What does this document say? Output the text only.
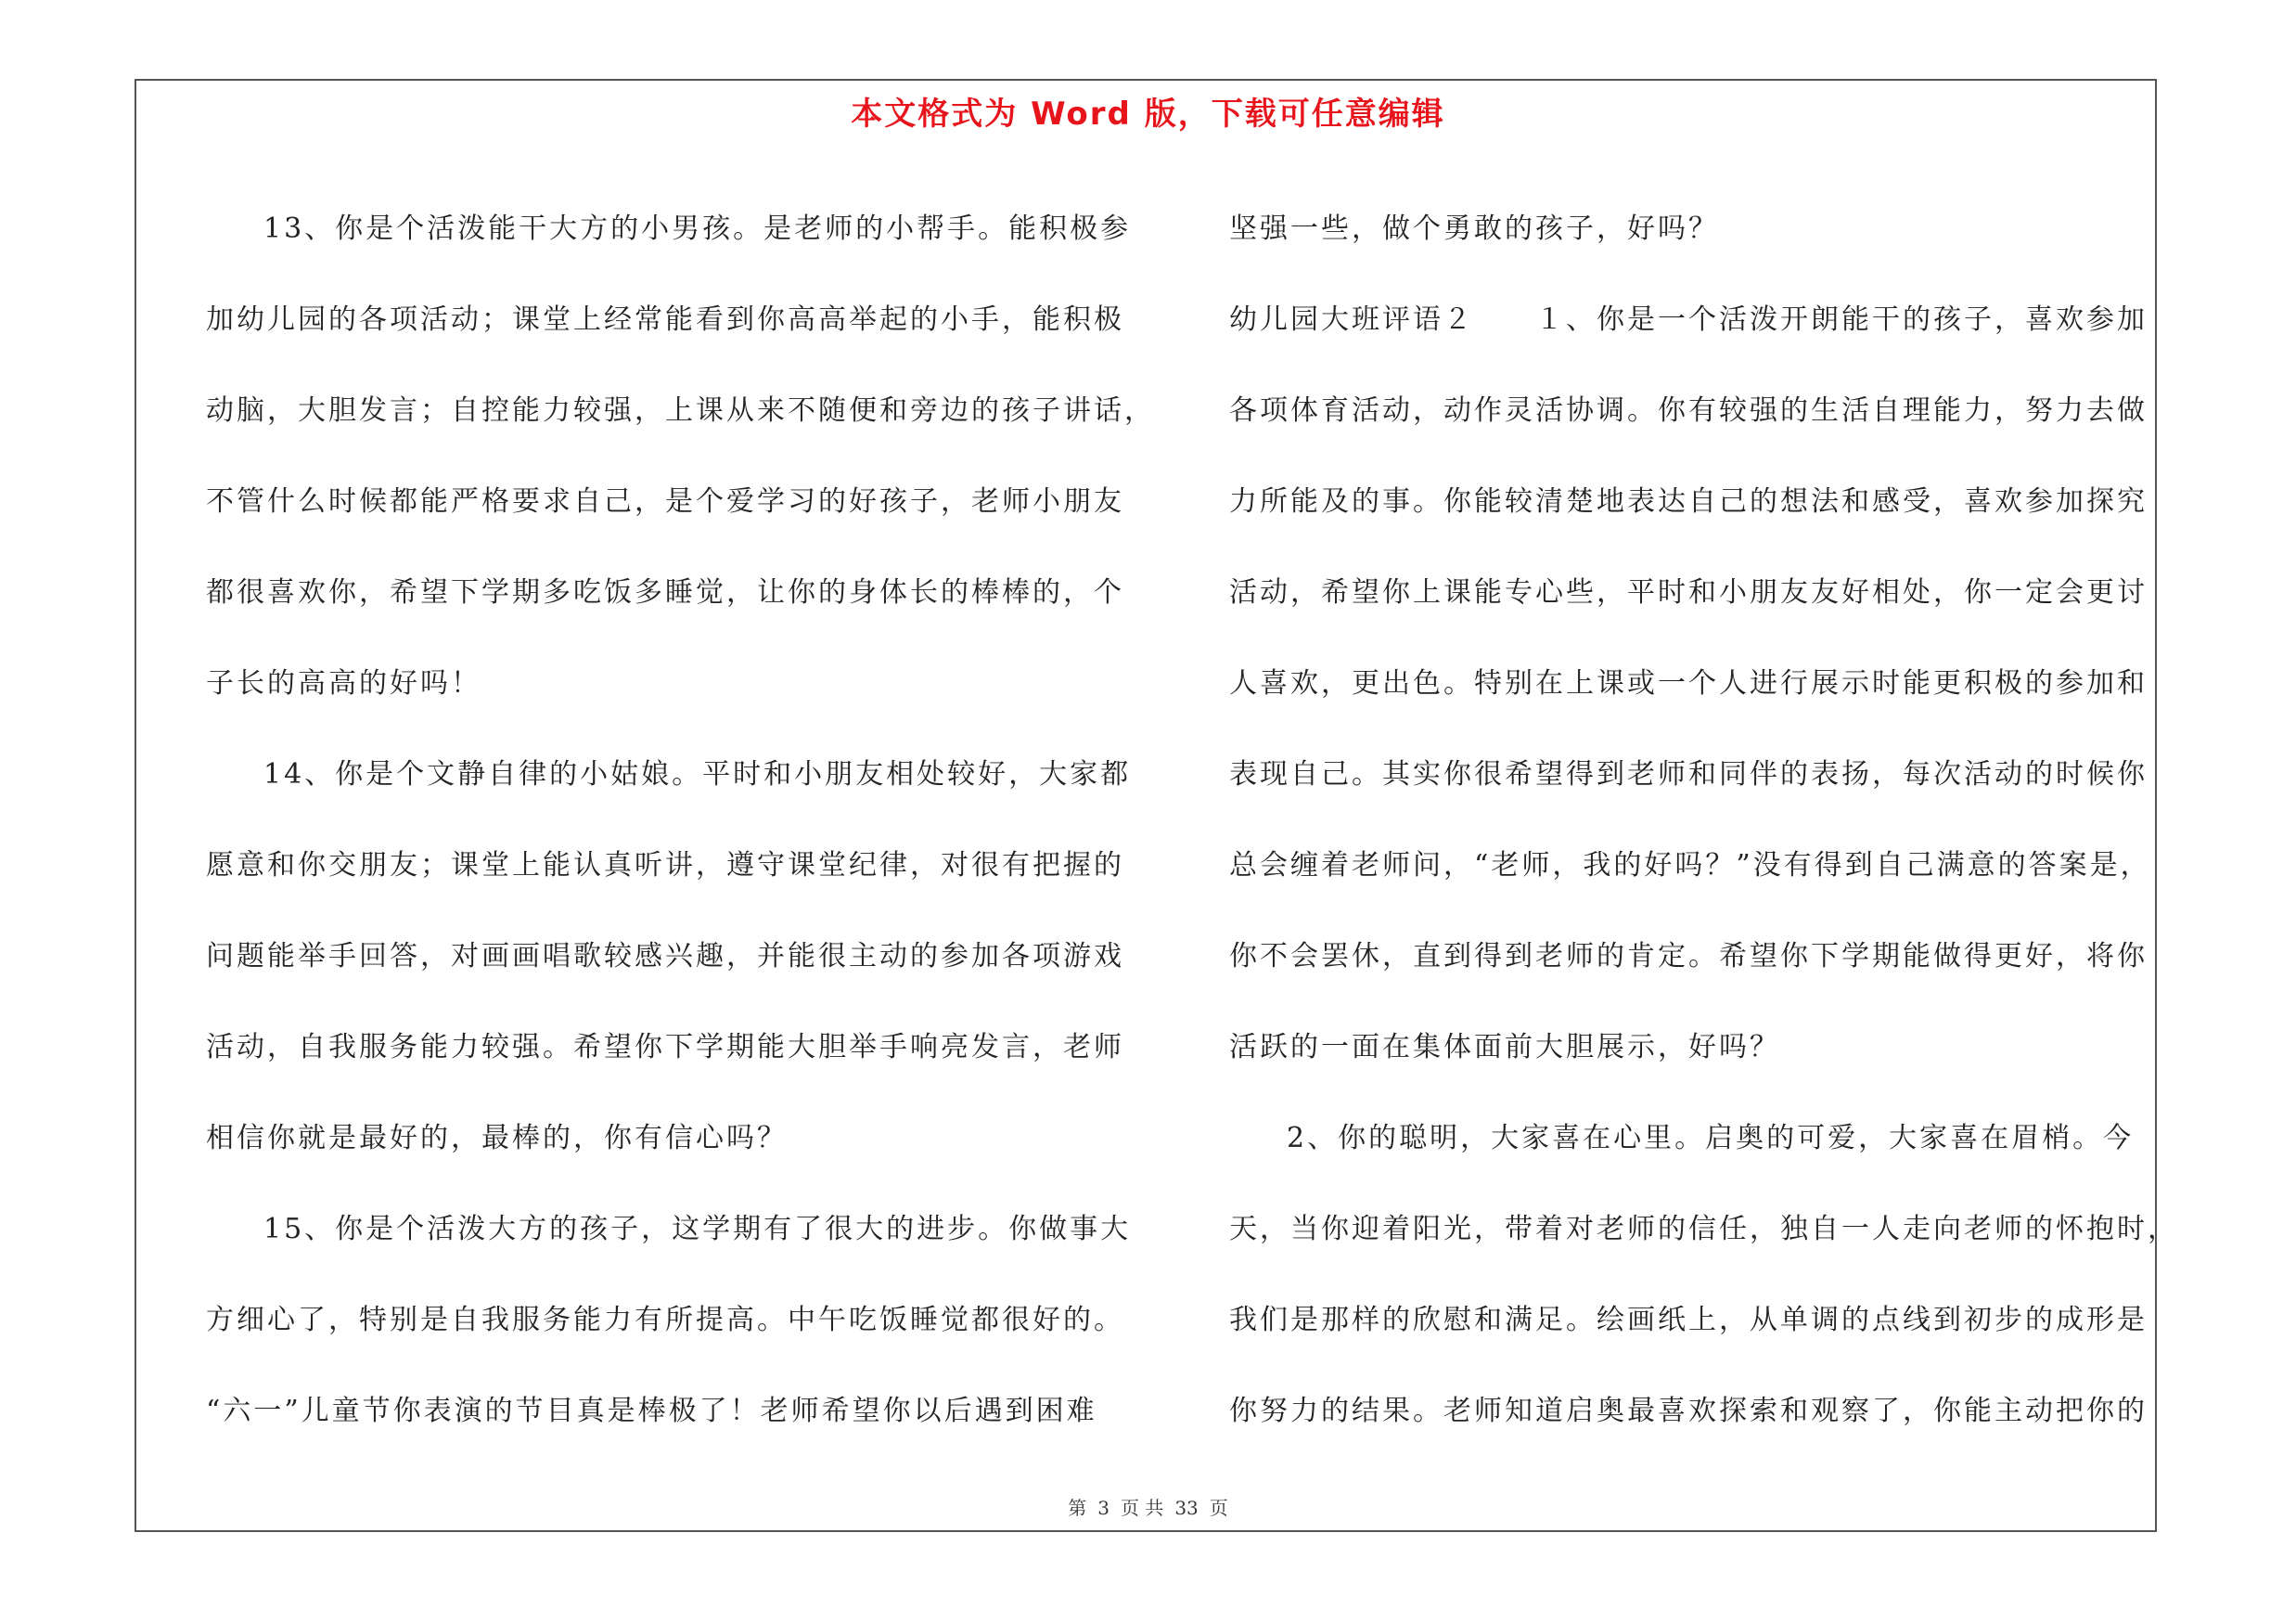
本文格式为 Word 版，下载可任意编辑
13、你是个活泼能干大方的小男孩。是老师的小帮手。能积极参
加幼儿园的各项活动；课堂上经常能看到你高高举起的小手，能积极
动脑，大胆发言；自控能力较强，上课从来不随便和旁边的孩子讲话，
不管什么时候都能严格要求自己，是个爱学习的好孩子，老师小朋友
都很喜欢你，希望下学期多吃饭多睡觉，让你的身体长的棒棒的，个
子长的高高的好吗！
14、你是个文静自律的小姑娘。平时和小朋友相处较好，大家都
愿意和你交朋友；课堂上能认真听讲，遵守课堂纪律，对很有把握的
问题能举手回答，对画画唱歌较感兴趣，并能很主动的参加各项游戏
活动，自我服务能力较强。希望你下学期能大胆举手响亮发言，老师
相信你就是最好的，最棒的，你有信心吗？
15、你是个活泼大方的孩子，这学期有了很大的进步。你做事大
方细心了，特别是自我服务能力有所提高。中午吃饭睡觉都很好的。
“六一”儿童节你表演的节目真是棒极了！老师希望你以后遇到困难
坚强一些，做个勇敢的孩子，好吗？
幼儿园大班评语２　　１、你是一个活泼开朗能干的孩子，喜欢参加
各项体育活动，动作灵活协调。你有较强的生活自理能力，努力去做
力所能及的事。你能较清楚地表达自己的想法和感受，喜欢参加探究
活动，希望你上课能专心些，平时和小朋友友好相处，你一定会更讨
人喜欢，更出色。特别在上课或一个人进行展示时能更积极的参加和
表现自己。其实你很希望得到老师和同伴的表扬，每次活动的时候你
总会缠着老师问，“老师，我的好吗？”没有得到自己满意的答案是，
你不会罢休，直到得到老师的肯定。希望你下学期能做得更好，将你
活跃的一面在集体面前大胆展示，好吗？
2、你的聪明，大家喜在心里。启奥的可爱，大家喜在眉梢。今
天，当你迎着阳光，带着对老师的信任，独自一人走向老师的怀抱时，
我们是那样的欣慰和满足。绘画纸上，从单调的点线到初步的成形是
你努力的结果。老师知道启奥最喜欢探索和观察了，你能主动把你的
第 3 页 共 33 页
